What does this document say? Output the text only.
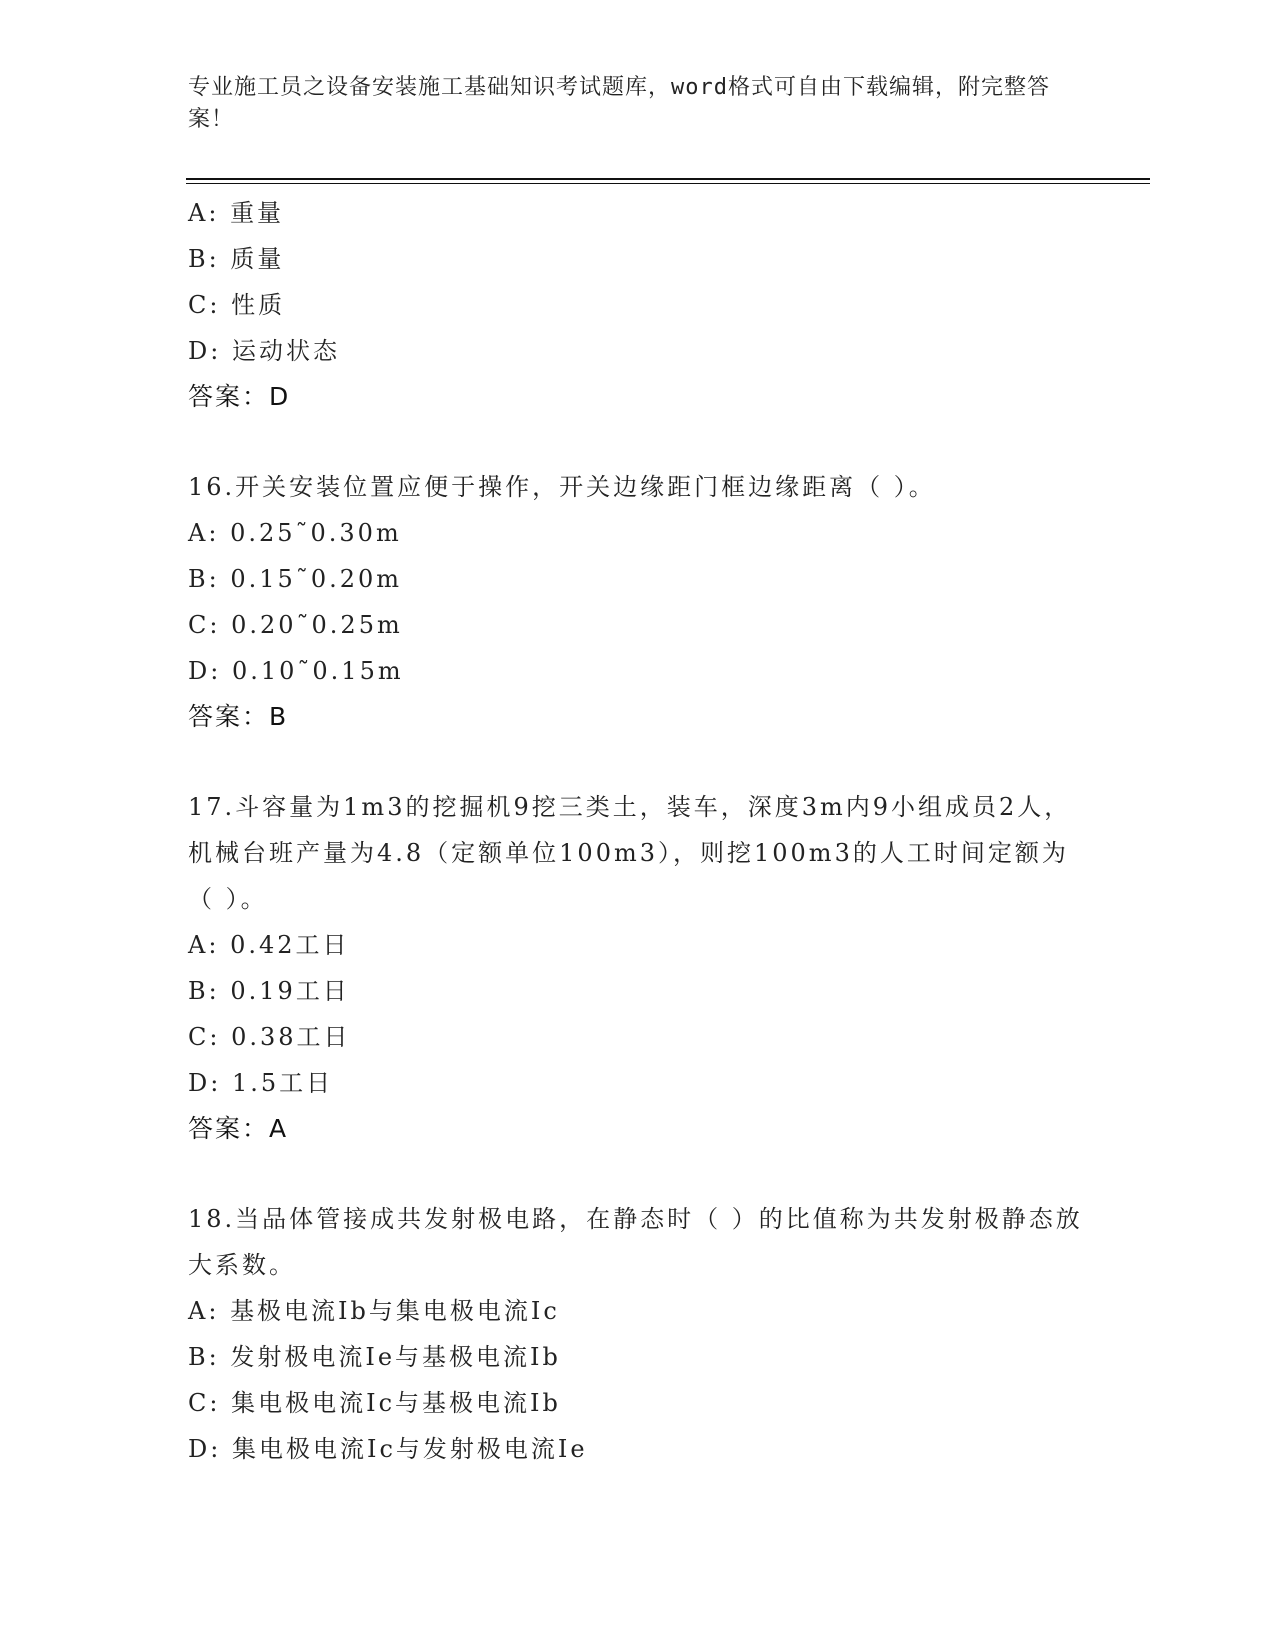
专业施工员之设备安装施工基础知识考试题库，word格式可自由下载编辑，附完整答案！
A: 重量
B: 质量
C: 性质
D: 运动状态
答案：D
16.开关安装位置应便于操作，开关边缘距门框边缘距离（ ）。
A: 0.25˜0.30m
B: 0.15˜0.20m
C: 0.20˜0.25m
D: 0.10˜0.15m
答案：B
17.斗容量为1m3的挖掘机9挖三类土，装车，深度3m内9小组成员2人，机械台班产量为4.8（定额单位100m3），则挖100m3的人工时间定额为（ ）。
A: 0.42工日
B: 0.19工日
C: 0.38工日
D: 1.5工日
答案：A
18.当品体管接成共发射极电路，在静态时（ ）的比值称为共发射极静态放大系数。
A: 基极电流Ib与集电极电流Ic
B: 发射极电流Ie与基极电流Ib
C: 集电极电流Ic与基极电流Ib
D: 集电极电流Ic与发射极电流Ie
